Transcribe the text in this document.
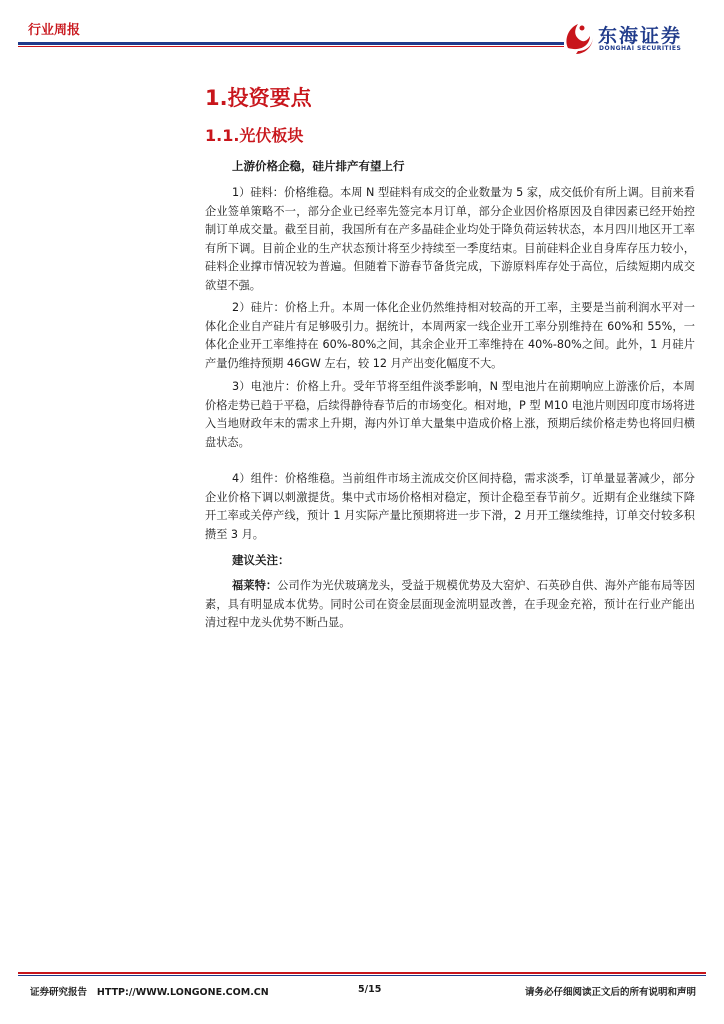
行业周报	东海证券
DONGHAI SECURITIES
1.投资要点
1.1.光伏板块
上游价格企稳，硅片排产有望上行

1）硅料：价格维稳。本周 N 型硅料有成交的企业数量为 5 家，成交低价有所上调。目前来看企业签单策略不一，部分企业已经率先签完本月订单，部分企业因价格原因及自律因素已经开始控制订单成交量。截至目前，我国所有在产多晶硅企业均处于降负荷运转状态，本月四川地区开工率有所下调。目前企业的生产状态预计将至少持续至一季度结束。目前硅料企业自身库存压力较小，硅料企业撑市情况较为普遍。但随着下游春节备货完成，下游原料库存处于高位，后续短期内成交欲望不强。

2）硅片：价格上升。本周一体化企业仍然维持相对较高的开工率，主要是当前利润水平对一体化企业自产硅片有足够吸引力。据统计，本周两家一线企业开工率分别维持在 60%和 55%，一体化企业开工率维持在 60%-80%之间，其余企业开工率维持在 40%-80%之间。此外，1 月硅片产量仍维持预期 46GW 左右，较 12 月产出变化幅度不大。

3）电池片：价格上升。受年节将至组件淡季影响，N 型电池片在前期响应上游涨价后，本周价格走势已趋于平稳，后续得静待春节后的市场变化。相对地，P 型 M10 电池片则因印度市场将进入当地财政年末的需求上升期，海内外订单大量集中造成价格上涨，预期后续价格走势也将回归横盘状态。

4）组件：价格维稳。当前组件市场主流成交价区间持稳，需求淡季，订单量显著减少，部分企业价格下调以刺激提货。集中式市场价格相对稳定，预计企稳至春节前夕。近期有企业继续下降开工率或关停产线，预计 1 月实际产量比预期将进一步下滑，2 月开工继续维持，订单交付较多积攒至 3 月。

建议关注：

福莱特：公司作为光伏玻璃龙头，受益于规模优势及大窑炉、石英砂自供、海外产能布局等因素，具有明显成本优势。同时公司在资金层面现金流明显改善，在手现金充裕，预计在行业产能出清过程中龙头优势不断凸显。

证券研究报告   HTTP://WWW.LONGONE.COM.CN	5/15	请务必仔细阅读正文后的所有说明和声明
